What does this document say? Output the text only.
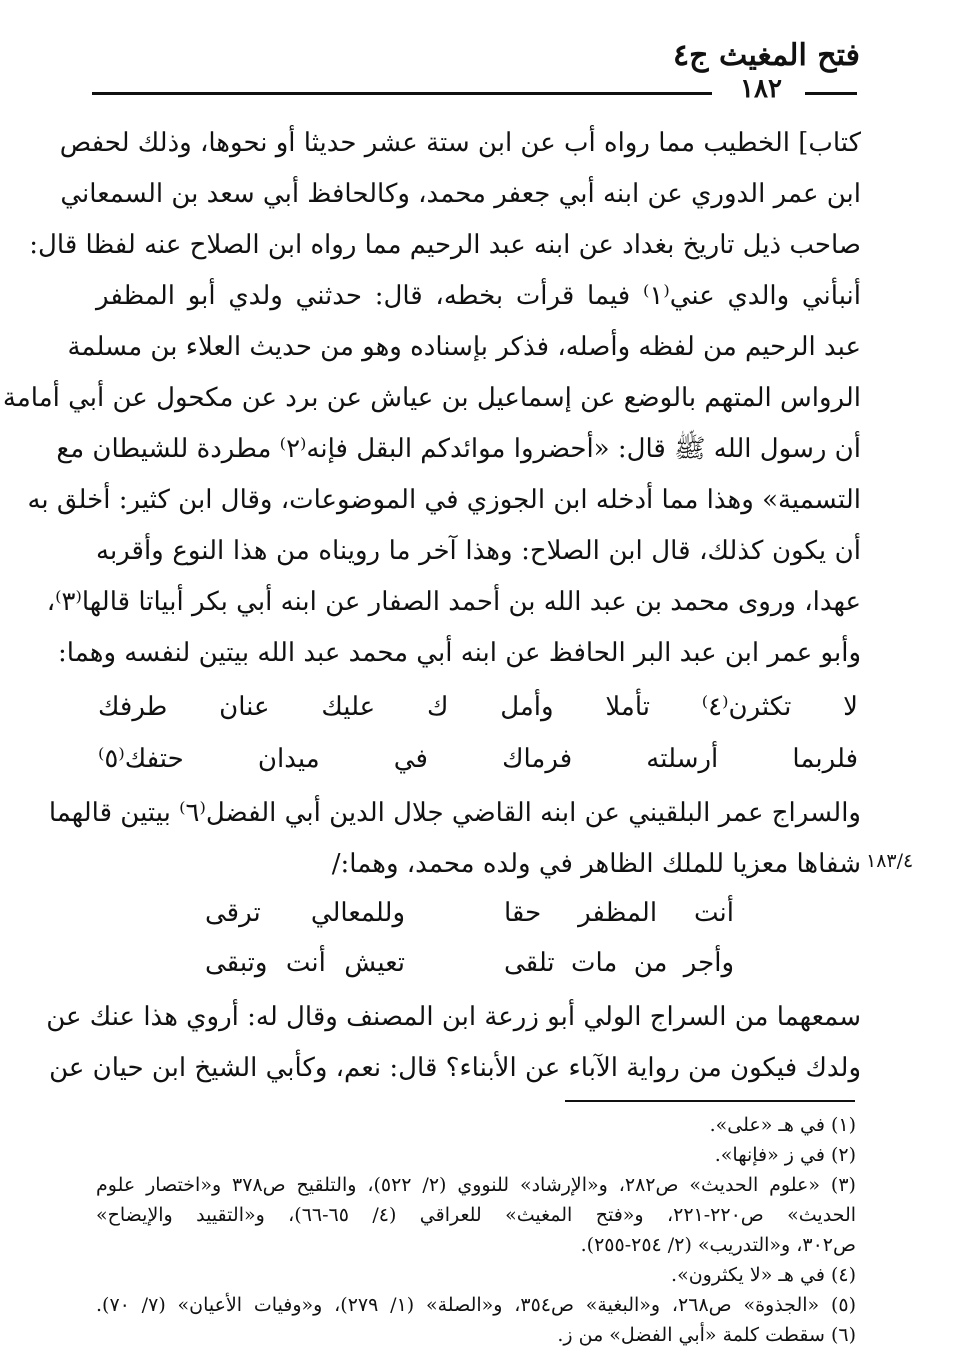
فتح المغيث ج٤
١٨٢
كتاب] الخطيب مما رواه أب عن ابن ستة عشر حديثا أو نحوها، وذلك لحفص
ابن عمر الدوري عن ابنه أبي جعفر محمد، وكالحافظ أبي سعد بن السمعاني
صاحب ذيل تاريخ بغداد عن ابنه عبد الرحيم مما رواه ابن الصلاح عنه لفظا قال:
أنبأني والدي عني⁽١⁾ فيما قرأت بخطه، قال: حدثني ولدي أبو المظفر
عبد الرحيم من لفظه وأصله، فذكر بإسناده وهو من حديث العلاء بن مسلمة
الرواس المتهم بالوضع عن إسماعيل بن عياش عن برد عن مكحول عن أبي أمامة
أن رسول الله ﷺ قال: «أحضروا موائدكم البقل فإنه⁽٢⁾ مطردة للشيطان مع
التسمية» وهذا مما أدخله ابن الجوزي في الموضوعات، وقال ابن كثير: أخلق به
أن يكون كذلك، قال ابن الصلاح: وهذا آخر ما رويناه من هذا النوع وأقربه
عهدا، وروى محمد بن عبد الله بن أحمد الصفار عن ابنه أبي بكر أبياتا قالها⁽٣⁾،
وأبو عمر ابن عبد البر الحافظ عن ابنه أبي محمد عبد الله بيتين لنفسه وهما:
لا تكثرن⁽٤⁾ تأملا وأمل ك عليك عنان طرفك
فلربما أرسلته فرماك في ميدان حتفك⁽٥⁾
والسراج عمر البلقيني عن ابنه القاضي جلال الدين أبي الفضل⁽٦⁾ بيتين قالهما
شفاها معزيا للملك الظاهر في ولده محمد، وهما:/ ١٨٣/٤
أنت المظفر حقا
وللمعالي ترقى
وأجر من مات تلقى
تعيش أنت وتبقى
سمعهما من السراج الولي أبو زرعة ابن المصنف وقال له: أروي هذا عنك عن
ولدك فيكون من رواية الآباء عن الأبناء؟ قال: نعم، وكأبي الشيخ ابن حيان عن
(١) في هـ «على».
(٢) في ز «فإنها».
(٣) «علوم الحديث» ص٢٨٢، و«الإرشاد» للنووي (٢/ ٥٢٢)، والتلقيح ص٣٧٨ و«اختصار علوم
الحديث» ص٢٢٠-٢٢١، و«فتح المغيث» للعراقي (٤/ ٦٥-٦٦)، و«التقييد والإيضاح»
ص٣٠٢، و«التدريب» (٢/ ٢٥٤-٢٥٥).
(٤) في هـ «لا يكثرون».
(٥) «الجذوة» ص٢٦٨، و«البغية» ص٣٥٤، و«الصلة» (١/ ٢٧٩)، و«وفيات الأعيان» (٧/ ٧٠).
(٦) سقطت كلمة «أبي الفضل» من ز.
